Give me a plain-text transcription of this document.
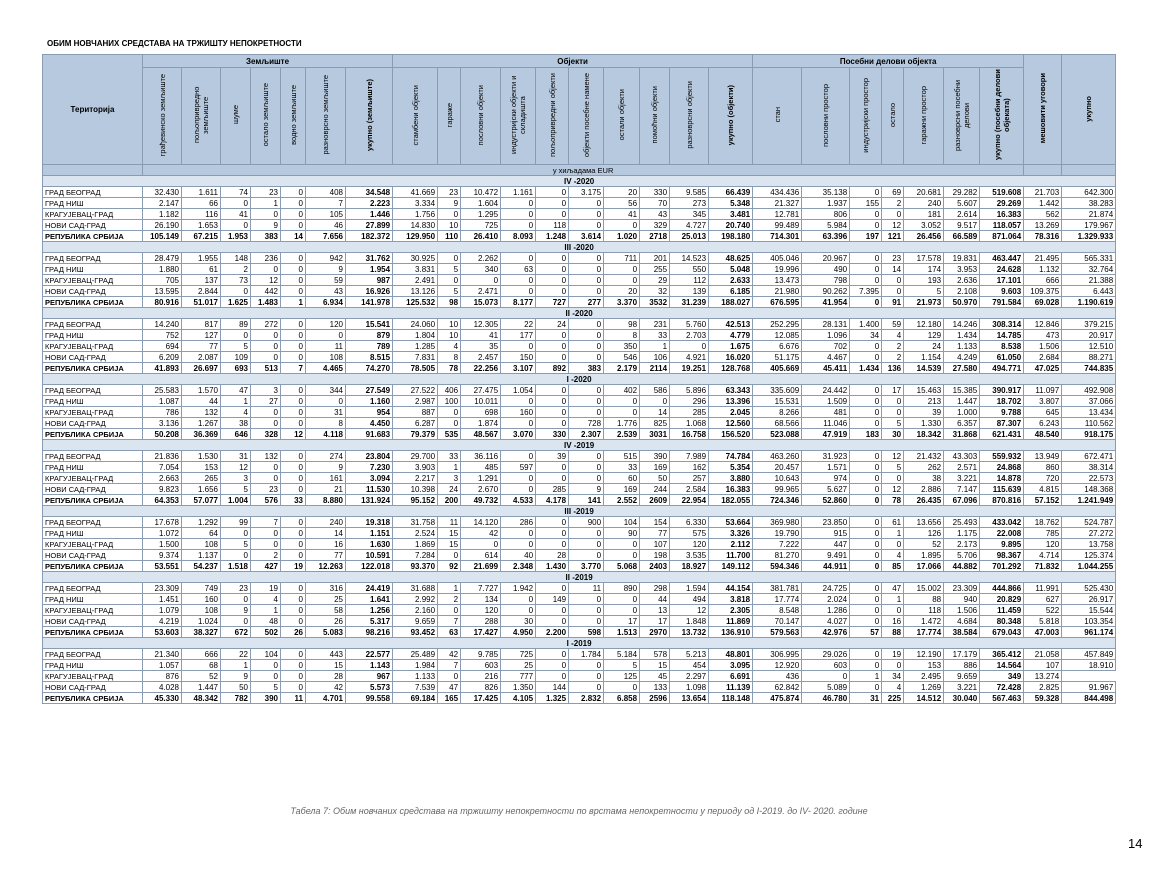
ОБИМ НОВЧАНИХ СРЕДСТАВА НА ТРЖИШТУ НЕПОКРЕТНОСТИ
Територија	Земљиште							Објекти										Посебни делови објекта							мешовити уговори	укупно	
	грађевинско земљиште	пољопривредно земљиште	шуме	остало земљиште	водно земљиште	разноврсно земљиште	укупно (земљиште)	стамбени објекти	гараже	пословни објекти	индустријски објекти и складишта	пољопривредни објекти	објекти посебне намене	остали објекти	помоћни објекти	разноврсни објекти	укупно (објекти)	стан	пословни простор	индустријски простор	остало	гаражни простор	разноврсни посебни делови	укупно (посебни делови објеката)			
	у хиљадама EUR																										
IV -2020																											
ГРАД БЕОГРАД	32.430	1.611	74	23	0	408	34.548	41.669	23	10.472	1.161	0	3.175	20	330	9.585	66.439	434.436	35.138	0	69	20.681	29.282	519.608	21.703	642.300	
ГРАД НИШ	2.147	66	0	1	0	7	2.223	3.334	9	1.604	0	0	0	56	70	273	5.348	21.327	1.937	155	2	240	5.607	29.269	1.442	38.283	
КРАГУЈЕВАЦ-ГРАД	1.182	116	41	0	0	105	1.446	1.756	0	1.295	0	0	0	41	43	345	3.481	12.781	806	0	0	181	2.614	16.383	562	21.874	
НОВИ САД-ГРАД	26.190	1.653	0	9	0	46	27.899	14.830	10	725	0	118	0	0	329	4.727	20.740	99.489	5.984	0	12	3.052	9.517	118.057	13.269	179.967	
РЕПУБЛИКА СРБИЈА	105.149	67.215	1.953	383	14	7.656	182.372	129.950	110	26.410	8.093	1.248	3.614	1.020	2718	25.013	198.180	714.301	63.396	197	121	26.456	66.589	871.064	78.316	1.329.933	
III -2020																											
ГРАД БЕОГРАД	28.479	1.955	148	236	0	942	31.762	30.925	0	2.262	0	0	0	711	201	14.523	48.625	405.046	20.967	0	23	17.578	19.831	463.447	21.495	565.331	
ГРАД НИШ	1.880	61	2	0	0	9	1.954	3.831	5	340	63	0	0	0	255	550	5.048	19.996	490	0	14	174	3.953	24.628	1.132	32.764	
КРАГУЈЕВАЦ-ГРАД	705	137	73	12	0	59	987	2.491	0	0	0	0	0	0	29	112	2.633	13.473	798	0	0	193	2.636	17.101	666	21.388	
НОВИ САД-ГРАД	13.595	2.844	0	442	0	43	16.926	13.126	5	2.471	0	0	0	20	32	139	6.185	21.980	90.262	7.395	0	5	2.108	9.603	109.375	6.443	
РЕПУБЛИКА СРБИЈА	80.916	51.017	1.625	1.483	1	6.934	141.978	125.532	98	15.073	8.177	727	277	3.370	3532	31.239	188.027	676.595	41.954	0	91	21.973	50.970	791.584	69.028	1.190.619	
II -2020																											
ГРАД БЕОГРАД	14.240	817	89	272	0	120	15.541	24.060	10	12.305	22	24	0	98	231	5.760	42.513	252.295	28.131	1.400	59	12.180	14.246	308.314	12.846	379.215	
ГРАД НИШ	752	127	0	0	0	0	879	1.804	10	41	177	0	0	8	33	2.703	4.779	12.085	1.096	34	4	129	1.434	14.785	473	20.917	
КРАГУЈЕВАЦ-ГРАД	694	77	5	0	0	11	789	1.285	4	35	0	0	0	350	1	0	1.675	6.676	702	0	2	24	1.133	8.538	1.506	12.510	
НОВИ САД-ГРАД	6.209	2.087	109	0	0	108	8.515	7.831	8	2.457	150	0	0	546	106	4.921	16.020	51.175	4.467	0	2	1.154	4.249	61.050	2.684	88.271	
РЕПУБЛИКА СРБИЈА	41.893	26.697	693	513	7	4.465	74.270	78.505	78	22.256	3.107	892	383	2.179	2114	19.251	128.768	405.669	45.411	1.434	136	14.539	27.580	494.771	47.025	744.835	
I -2020																											
ГРАД БЕОГРАД	25.583	1.570	47	3	0	344	27.549	27.522	406	27.475	1.054	0	0	402	586	5.896	63.343	335.609	24.442	0	17	15.463	15.385	390.917	11.097	492.908	
ГРАД НИШ	1.087	44	1	27	0	0	1.160	2.987	100	10.011	0	0	0	0	0	296	13.396	15.531	1.509	0	0	213	1.447	18.702	3.807	37.066	
КРАГУЈЕВАЦ-ГРАД	786	132	4	0	0	31	954	887	0	698	160	0	0	0	14	285	2.045	8.266	481	0	0	39	1.000	9.788	645	13.434	
НОВИ САД-ГРАД	3.136	1.267	38	0	0	8	4.450	6.287	0	1.874	0	0	728	1.776	825	1.068	12.560	68.566	11.046	0	5	1.330	6.357	87.307	6.243	110.562	
РЕПУБЛИКА СРБИЈА	50.208	36.369	646	328	12	4.118	91.683	79.379	535	48.567	3.070	330	2.307	2.539	3031	16.758	156.520	523.088	47.919	183	30	18.342	31.868	621.431	48.540	918.175	
IV -2019																											
ГРАД БЕОГРАД	21.836	1.530	31	132	0	274	23.804	29.700	33	36.116	0	39	0	515	390	7.989	74.784	463.260	31.923	0	12	21.432	43.303	559.932	13.949	672.471	
ГРАД НИШ	7.054	153	12	0	0	9	7.230	3.903	1	485	597	0	0	33	169	162	5.354	20.457	1.571	0	5	262	2.571	24.868	860	38.314	
КРАГУЈЕВАЦ-ГРАД	2.663	265	3	0	0	161	3.094	2.217	3	1.291	0	0	0	60	50	257	3.880	10.643	974	0	0	38	3.221	14.878	720	22.573	
НОВИ САД-ГРАД	9.823	1.656	5	23	0	21	11.530	10.398	24	2.670	0	285	9	169	244	2.584	16.383	99.965	5.627	0	12	2.886	7.147	115.639	4.815	148.368	
РЕПУБЛИКА СРБИЈА	64.353	57.077	1.004	576	33	8.880	131.924	95.152	200	49.732	4.533	4.178	141	2.552	2609	22.954	182.055	724.346	52.860	0	78	26.435	67.096	870.816	57.152	1.241.949	
III -2019																											
ГРАД БЕОГРАД	17.678	1.292	99	7	0	240	19.318	31.758	11	14.120	286	0	900	104	154	6.330	53.664	369.980	23.850	0	61	13.656	25.493	433.042	18.762	524.787	
ГРАД НИШ	1.072	64	0	0	0	14	1.151	2.524	15	42	0	0	0	90	77	575	3.326	19.790	915	0	1	126	1.175	22.008	785	27.272	
КРАГУЈЕВАЦ-ГРАД	1.500	108	5	0	0	16	1.630	1.869	15	0	0	0	0	0	107	120	2.112	7.222	447	0	0	52	2.173	9.895	120	13.758	
НОВИ САД-ГРАД	9.374	1.137	0	2	0	77	10.591	7.284	0	614	40	28	0	0	198	3.535	11.700	81.270	9.491	0	4	1.895	5.706	98.367	4.714	125.374	
РЕПУБЛИКА СРБИЈА	53.551	54.237	1.518	427	19	12.263	122.018	93.370	92	21.699	2.348	1.430	3.770	5.068	2403	18.927	149.112	594.346	44.911	0	85	17.066	44.882	701.292	71.832	1.044.255	
II -2019																											
ГРАД БЕОГРАД	23.309	749	23	19	0	316	24.419	31.688	1	7.727	1.942	0	11	890	298	1.594	44.154	381.781	24.725	0	47	15.002	23.309	444.866	11.991	525.430	
ГРАД НИШ	1.451	160	0	4	0	25	1.641	2.992	2	134	0	149	0	0	44	494	3.818	17.774	2.024	0	1	88	940	20.829	627	26.917	
КРАГУЈЕВАЦ-ГРАД	1.079	108	9	1	0	58	1.256	2.160	0	120	0	0	0	0	13	12	2.305	8.548	1.286	0	0	118	1.506	11.459	522	15.544	
НОВИ САД-ГРАД	4.219	1.024	0	48	0	26	5.317	9.659	7	288	30	0	0	17	17	1.848	11.869	70.147	4.027	0	16	1.472	4.684	80.348	5.818	103.354	
РЕПУБЛИКА СРБИЈА	53.603	38.327	672	502	26	5.083	98.216	93.452	63	17.427	4.950	2.200	598	1.513	2970	13.732	136.910	579.563	42.976	57	88	17.774	38.584	679.043	47.003	961.174	
I -2019																											
ГРАД БЕОГРАД	21.340	666	22	104	0	443	22.577	25.489	42	9.785	725	0	1.784	5.184	578	5.213	48.801	306.995	29.026	0	19	12.190	17.179	365.412	21.058	457.849	
ГРАД НИШ	1.057	68	1	0	0	15	1.143	1.984	7	603	25	0	0	5	15	454	3.095	12.920	603	0	0	153	886	14.564	107	18.910	
КРАГУЈЕВАЦ-ГРАД	876	52	9	0	0	28	967	1.133	0	216	777	0	0	125	45	2.297	6.691	436	0	1	34	2.495	9.659	349	13.274		
НОВИ САД-ГРАД	4.028	1.447	50	5	0	42	5.573	7.539	47	826	1.350	144	0	0	133	1.098	11.139	62.842	5.089	0	4	1.269	3.221	72.428	2.825	91.967	
РЕПУБЛИКА СРБИЈА	45.330	48.342	782	390	11	4.701	99.558	69.184	165	17.425	4.105	1.325	2.832	6.858	2596	13.654	118.148	475.874	46.780	31	225	14.512	30.040	567.463	59.328	844.498	
Табела 7: Обим новчаних средстава на тржишту непокретности по врстама непокретности у периоду од I-2019. до IV- 2020. године
14
